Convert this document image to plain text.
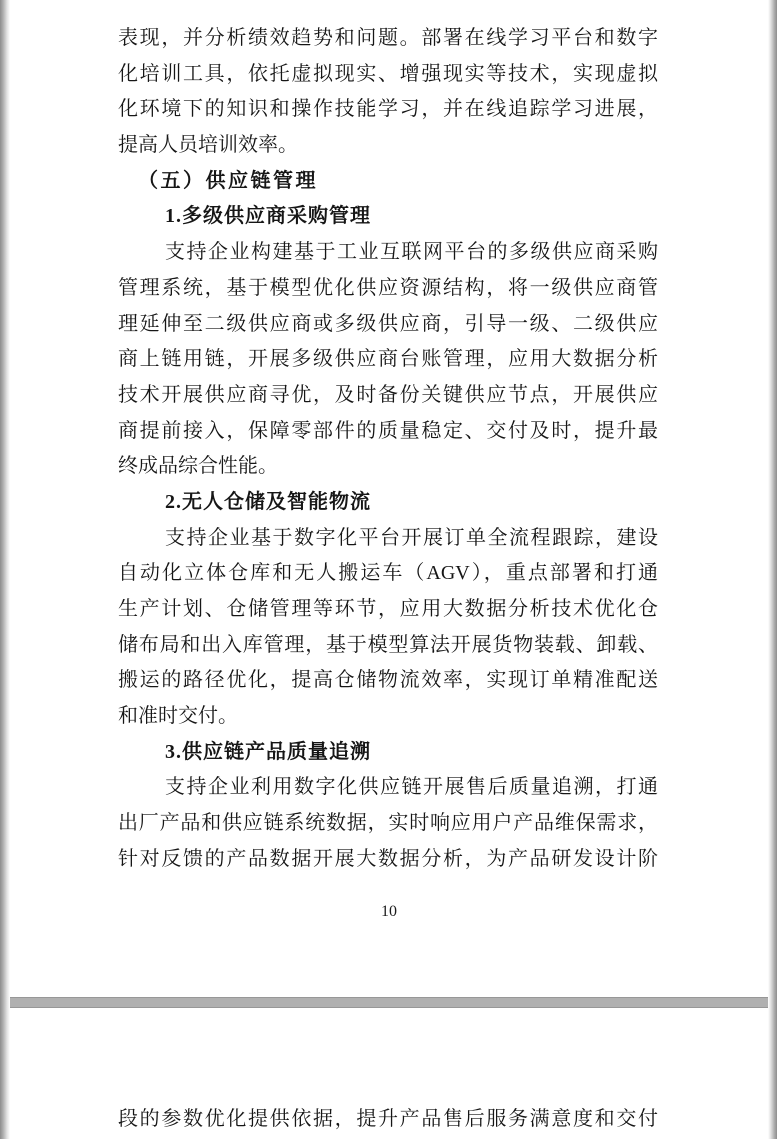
表现，并分析绩效趋势和问题。部署在线学习平台和数字
化培训工具，依托虚拟现实、增强现实等技术，实现虚拟
化环境下的知识和操作技能学习，并在线追踪学习进展，
提高人员培训效率。
（五）供应链管理
1.多级供应商采购管理
支持企业构建基于工业互联网平台的多级供应商采购
管理系统，基于模型优化供应资源结构，将一级供应商管
理延伸至二级供应商或多级供应商，引导一级、二级供应
商上链用链，开展多级供应商台账管理，应用大数据分析
技术开展供应商寻优，及时备份关键供应节点，开展供应
商提前接入，保障零部件的质量稳定、交付及时，提升最
终成品综合性能。
2.无人仓储及智能物流
支持企业基于数字化平台开展订单全流程跟踪，建设
自动化立体仓库和无人搬运车（AGV），重点部署和打通
生产计划、仓储管理等环节，应用大数据分析技术优化仓
储布局和出入库管理，基于模型算法开展货物装载、卸载、
搬运的路径优化，提高仓储物流效率，实现订单精准配送
和准时交付。
3.供应链产品质量追溯
支持企业利用数字化供应链开展售后质量追溯，打通
出厂产品和供应链系统数据，实时响应用户产品维保需求，
针对反馈的产品数据开展大数据分析，为产品研发设计阶
10
段的参数优化提供依据，提升产品售后服务满意度和交付
